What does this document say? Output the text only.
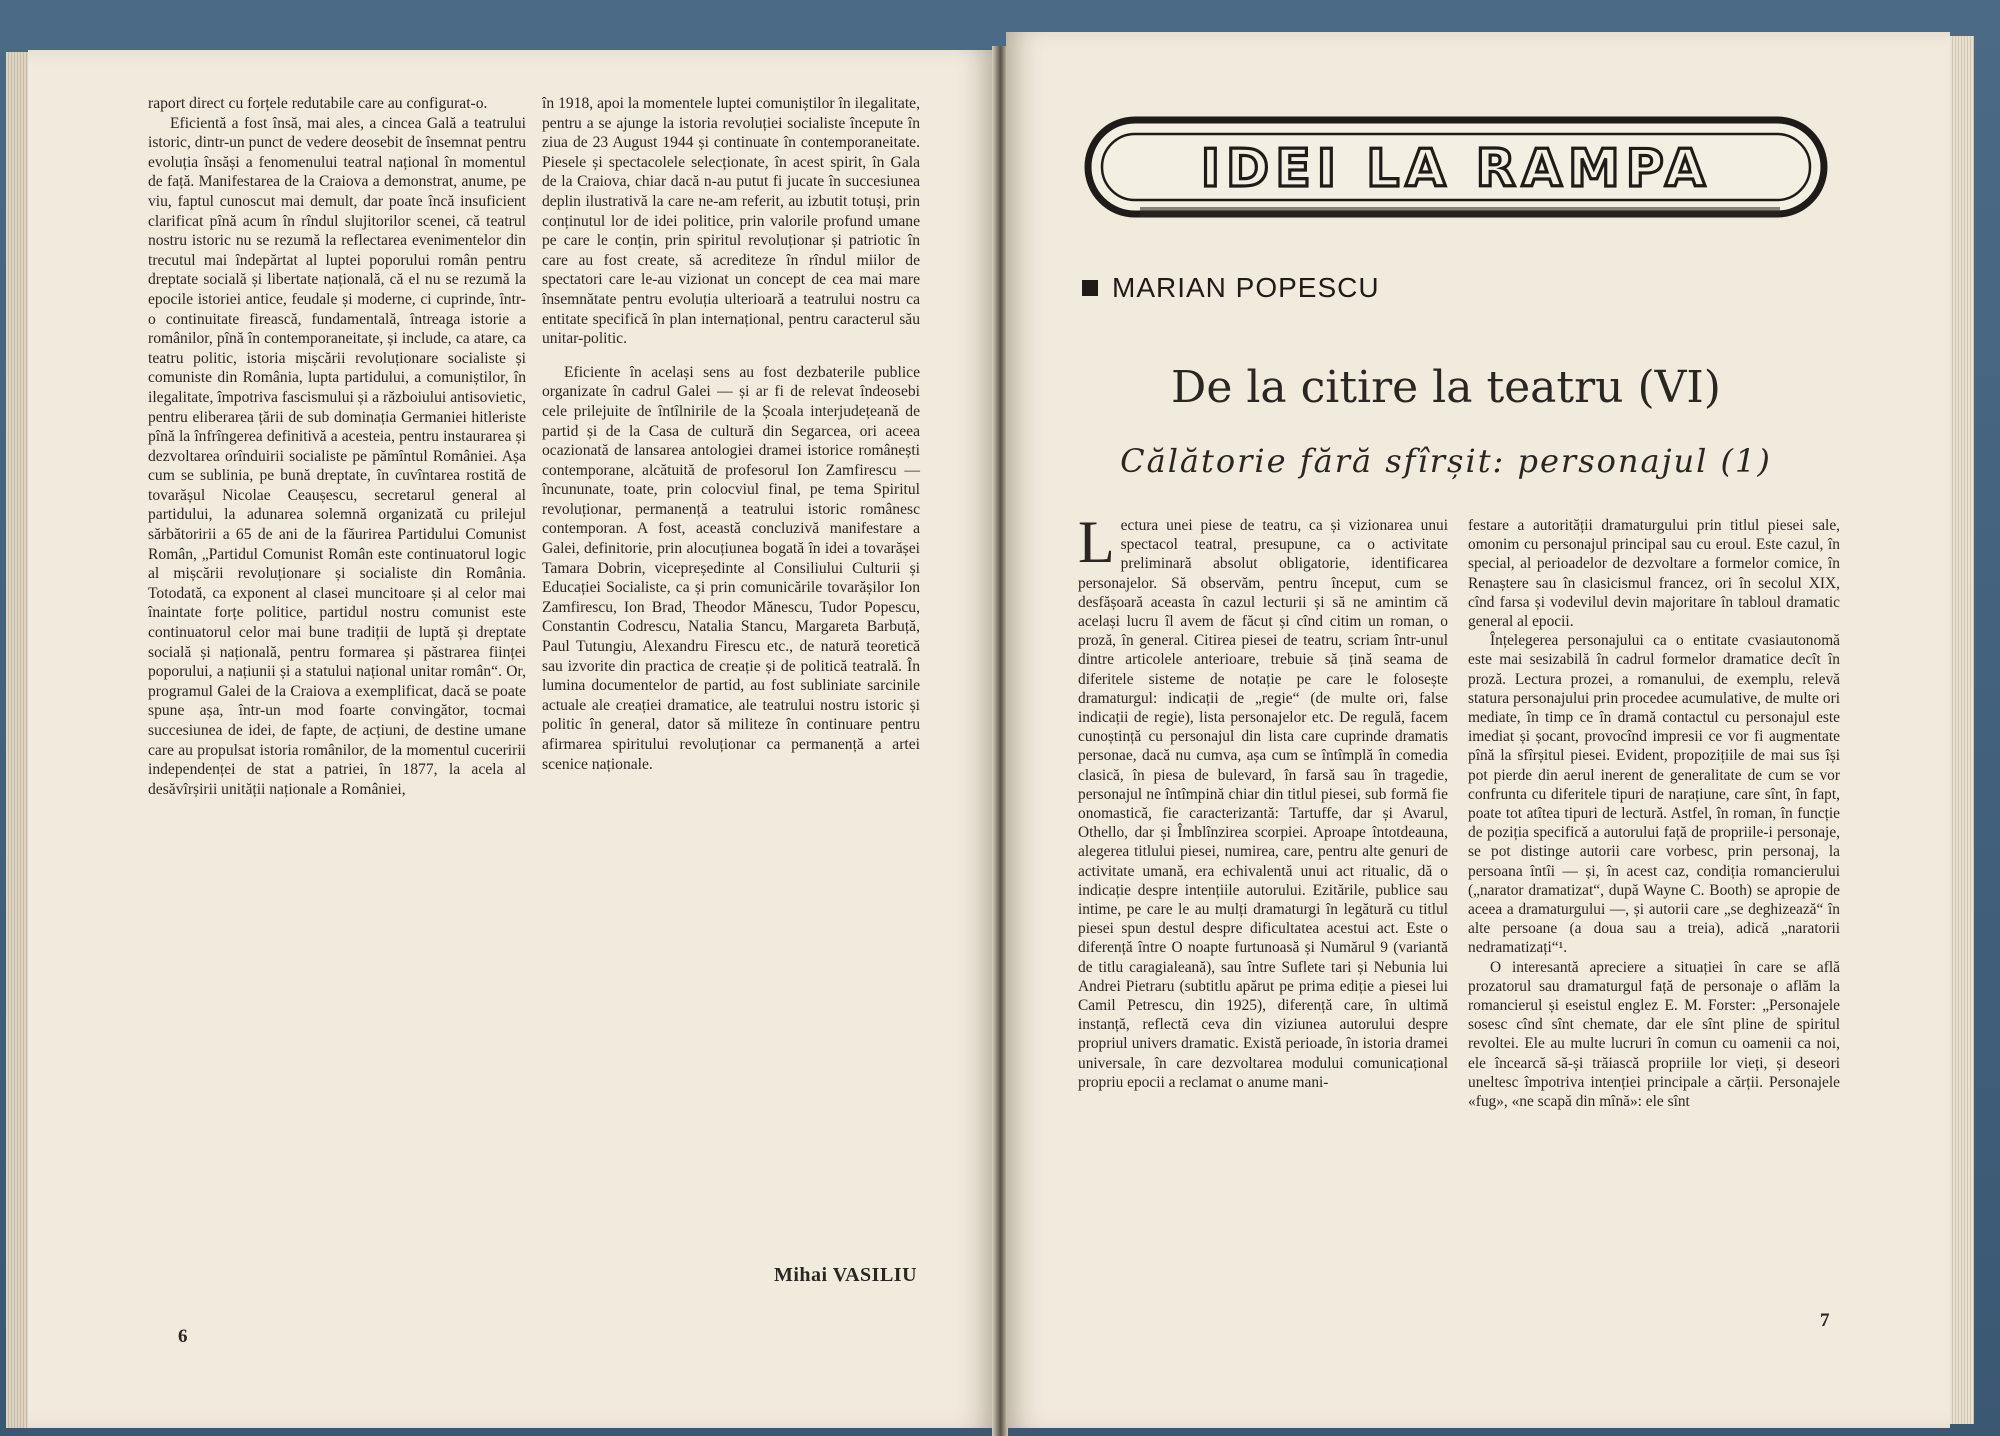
raport direct cu forțele redutabile care au configurat-o.

Eficientă a fost însă, mai ales, a cincea Gală a teatrului istoric, dintr-un punct de vedere deosebit de însemnat pentru evoluția însăși a fenomenului teatral național în momentul de față. Manifestarea de la Craiova a demonstrat, anume, pe viu, faptul cunoscut mai demult, dar poate încă insuficient clarificat pînă acum în rîndul slujitorilor scenei, că teatrul nostru istoric nu se rezumă la reflectarea evenimentelor din trecutul mai îndepărtat al luptei poporului român pentru dreptate socială și libertate națională, că el nu se rezumă la epocile istoriei antice, feudale și moderne, ci cuprinde, într-o continuitate firească, fundamentală, întreaga istorie a românilor, pînă în contemporaneitate, și include, ca atare, ca teatru politic, istoria mișcării revoluționare socialiste și comuniste din România, lupta partidului, a comuniștilor, în ilegalitate, împotriva fascismului și a războiului antisovietic, pentru eliberarea țării de sub dominația Germaniei hitleriste pînă la înfrîngerea definitivă a acesteia, pentru instaurarea și dezvoltarea orînduirii socialiste pe pămîntul României. Așa cum se sublinia, pe bună dreptate, în cuvîntarea rostită de tovarășul Nicolae Ceaușescu, secretarul general al partidului, la adunarea solemnă organizată cu prilejul sărbătoririi a 65 de ani de la făurirea Partidului Comunist Român, „Partidul Comunist Român este continuatorul logic al mișcării revoluționare și socialiste din România. Totodată, ca exponent al clasei muncitoare și al celor mai înaintate forțe politice, partidul nostru comunist este continuatorul celor mai bune tradiții de luptă și dreptate socială și națională, pentru formarea și păstrarea ființei poporului, a națiunii și a statului național unitar român“. Or, programul Galei de la Craiova a exemplificat, dacă se poate spune așa, într-un mod foarte convingător, tocmai succesiunea de idei, de fapte, de acțiuni, de destine umane care au propulsat istoria românilor, de la momentul cuceririi independenței de stat a patriei, în 1877, la acela al desăvîrșirii unității naționale a României,

în 1918, apoi la momentele luptei comuniștilor în ilegalitate, pentru a se ajunge la istoria revoluției socialiste începute în ziua de 23 August 1944 și continuate în contemporaneitate. Piesele și spectacolele selecționate, în acest spirit, în Gala de la Craiova, chiar dacă n-au putut fi jucate în succesiunea deplin ilustrativă la care ne-am referit, au izbutit totuși, prin conținutul lor de idei politice, prin valorile profund umane pe care le conțin, prin spiritul revoluționar și patriotic în care au fost create, să acrediteze în rîndul miilor de spectatori care le-au vizionat un concept de cea mai mare însemnătate pentru evoluția ulterioară a teatrului nostru ca entitate specifică în plan internațional, pentru caracterul său unitar-politic.

Eficiente în același sens au fost dezbaterile publice organizate în cadrul Galei — și ar fi de relevat îndeosebi cele prilejuite de întîlnirile de la Școala interjudețeană de partid și de la Casa de cultură din Segarcea, ori aceea ocazionată de lansarea antologiei dramei istorice românești contemporane, alcătuită de profesorul Ion Zamfirescu — încununate, toate, prin colocviul final, pe tema Spiritul revoluționar, permanență a teatrului istoric românesc contemporan. A fost, această concluzivă manifestare a Galei, definitorie, prin alocuțiunea bogată în idei a tovarășei Tamara Dobrin, vicepreședinte al Consiliului Culturii și Educației Socialiste, ca și prin comunicările tovarășilor Ion Zamfirescu, Ion Brad, Theodor Mănescu, Tudor Popescu, Constantin Codrescu, Natalia Stancu, Margareta Barbuță, Paul Tutungiu, Alexandru Firescu etc., de natură teoretică sau izvorite din practica de creație și de politică teatrală. În lumina documentelor de partid, au fost subliniate sarcinile actuale ale creației dramatice, ale teatrului nostru istoric și politic în general, dator să militeze în continuare pentru afirmarea spiritului revoluționar ca permanență a artei scenice naționale.

Mihai VASILIU
6
IDEI LA RAMPA
MARIAN POPESCU
De la citire la teatru (VI)
Călătorie fără sfîrșit: personajul (1)

Lectura unei piese de teatru, ca și vizionarea unui spectacol teatral, presupune, ca o activitate preliminară absolut obligatorie, identificarea personajelor. Să observăm, pentru început, cum se desfășoară aceasta în cazul lecturii și să ne amintim că același lucru îl avem de făcut și cînd citim un roman, o proză, în general. Citirea piesei de teatru, scriam într-unul dintre articolele anterioare, trebuie să țină seama de diferitele sisteme de notație pe care le folosește dramaturgul: indicații de „regie“ (de multe ori, false indicații de regie), lista personajelor etc. De regulă, facem cunoștință cu personajul din lista care cuprinde dramatis personae, dacă nu cumva, așa cum se întîmplă în comedia clasică, în piesa de bulevard, în farsă sau în tragedie, personajul ne întîmpină chiar din titlul piesei, sub formă fie onomastică, fie caracterizantă: Tartuffe, dar și Avarul, Othello, dar și Îmblînzirea scorpiei. Aproape întotdeauna, alegerea titlului piesei, numirea, care, pentru alte genuri de activitate umană, era echivalentă unui act ritualic, dă o indicație despre intențiile autorului. Ezitările, publice sau intime, pe care le au mulți dramaturgi în legătură cu titlul piesei spun destul despre dificultatea acestui act. Este o diferență între O noapte furtunoasă și Numărul 9 (variantă de titlu caragialeană), sau între Suflete tari și Nebunia lui Andrei Pietraru (subtitlu apărut pe prima ediție a piesei lui Camil Petrescu, din 1925), diferență care, în ultimă instanță, reflectă ceva din viziunea autorului despre propriul univers dramatic. Există perioade, în istoria dramei universale, în care dezvoltarea modului comunicațional propriu epocii a reclamat o anume mani-

festare a autorității dramaturgului prin titlul piesei sale, omonim cu personajul principal sau cu eroul. Este cazul, în special, al perioadelor de dezvoltare a formelor comice, în Renaștere sau în clasicismul francez, ori în secolul XIX, cînd farsa și vodevilul devin majoritare în tabloul dramatic general al epocii.

Înțelegerea personajului ca o entitate cvasiautonomă este mai sesizabilă în cadrul formelor dramatice decît în proză. Lectura prozei, a romanului, de exemplu, relevă statura personajului prin procedee acumulative, de multe ori mediate, în timp ce în dramă contactul cu personajul este imediat și șocant, provocînd impresii ce vor fi augmentate pînă la sfîrșitul piesei. Evident, propozițiile de mai sus își pot pierde din aerul inerent de generalitate de cum se vor confrunta cu diferitele tipuri de narațiune, care sînt, în fapt, poate tot atîtea tipuri de lectură. Astfel, în roman, în funcție de poziția specifică a autorului față de propriile-i personaje, se pot distinge autorii care vorbesc, prin personaj, la persoana întîi — și, în acest caz, condiția romancierului („narator dramatizat“, după Wayne C. Booth) se apropie de aceea a dramaturgului —, și autorii care „se deghizează“ în alte persoane (a doua sau a treia), adică „naratorii nedramatizați“¹.

O interesantă apreciere a situației în care se află prozatorul sau dramaturgul față de personaje o aflăm la romancierul și eseistul englez E. M. Forster: „Personajele sosesc cînd sînt chemate, dar ele sînt pline de spiritul revoltei. Ele au multe lucruri în comun cu oamenii ca noi, ele încearcă să-și trăiască propriile lor vieți, și deseori uneltesc împotriva intenției principale a cărții. Personajele «fug», «ne scapă din mînă»: ele sînt

7
